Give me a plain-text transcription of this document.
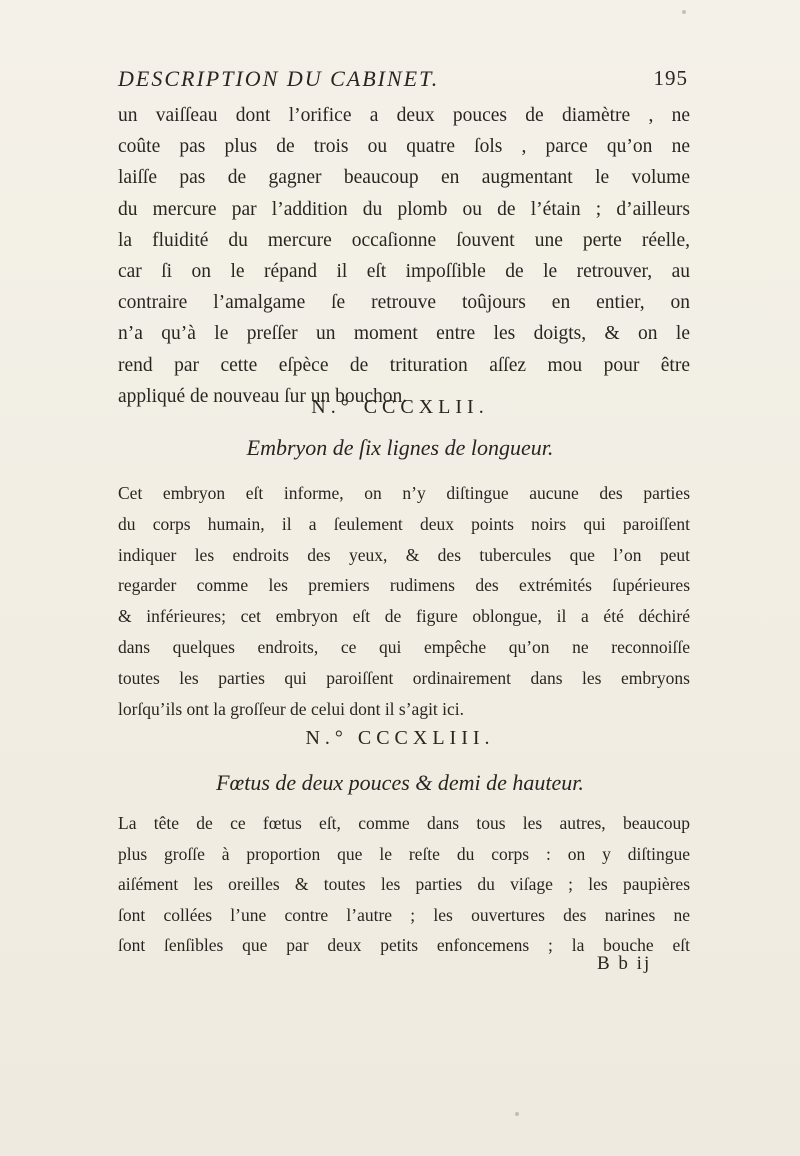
DESCRIPTION DU CABINET.	195
un vaiſſeau dont l’orifice a deux pouces de diamètre , ne
coûte pas plus de trois ou quatre ſols , parce qu’on ne
laiſſe pas de gagner beaucoup en augmentant le volume
du mercure par l’addition du plomb ou de l’étain ; d’ailleurs
la fluidité du mercure occaſionne ſouvent une perte réelle,
car ſi on le répand il eſt impoſſible de le retrouver, au
contraire l’amalgame ſe retrouve toûjours en entier, on
n’a qu’à le preſſer un moment entre les doigts, & on le
rend par cette eſpèce de trituration aſſez mou pour être
appliqué de nouveau ſur un bouchon.
N.° CCCXLII.
Embryon de ſix lignes de longueur.
Cet embryon eſt informe, on n’y diſtingue aucune des parties
du corps humain, il a ſeulement deux points noirs qui paroiſſent
indiquer les endroits des yeux, & des tubercules que l’on peut
regarder comme les premiers rudimens des extrémités ſupérieures
& inférieures; cet embryon eſt de figure oblongue, il a été déchiré
dans quelques endroits, ce qui empêche qu’on ne reconnoiſſe
toutes les parties qui paroiſſent ordinairement dans les embryons
lorſqu’ils ont la groſſeur de celui dont il s’agit ici.
N.° CCCXLIII.
Fœtus de deux pouces & demi de hauteur.
La tête de ce fœtus eſt, comme dans tous les autres, beaucoup
plus groſſe à proportion que le reſte du corps : on y diſtingue
aiſément les oreilles & toutes les parties du viſage ; les paupières
ſont collées l’une contre l’autre ; les ouvertures des narines ne
ſont ſenſibles que par deux petits enfoncemens ; la bouche eſt
B b ij
